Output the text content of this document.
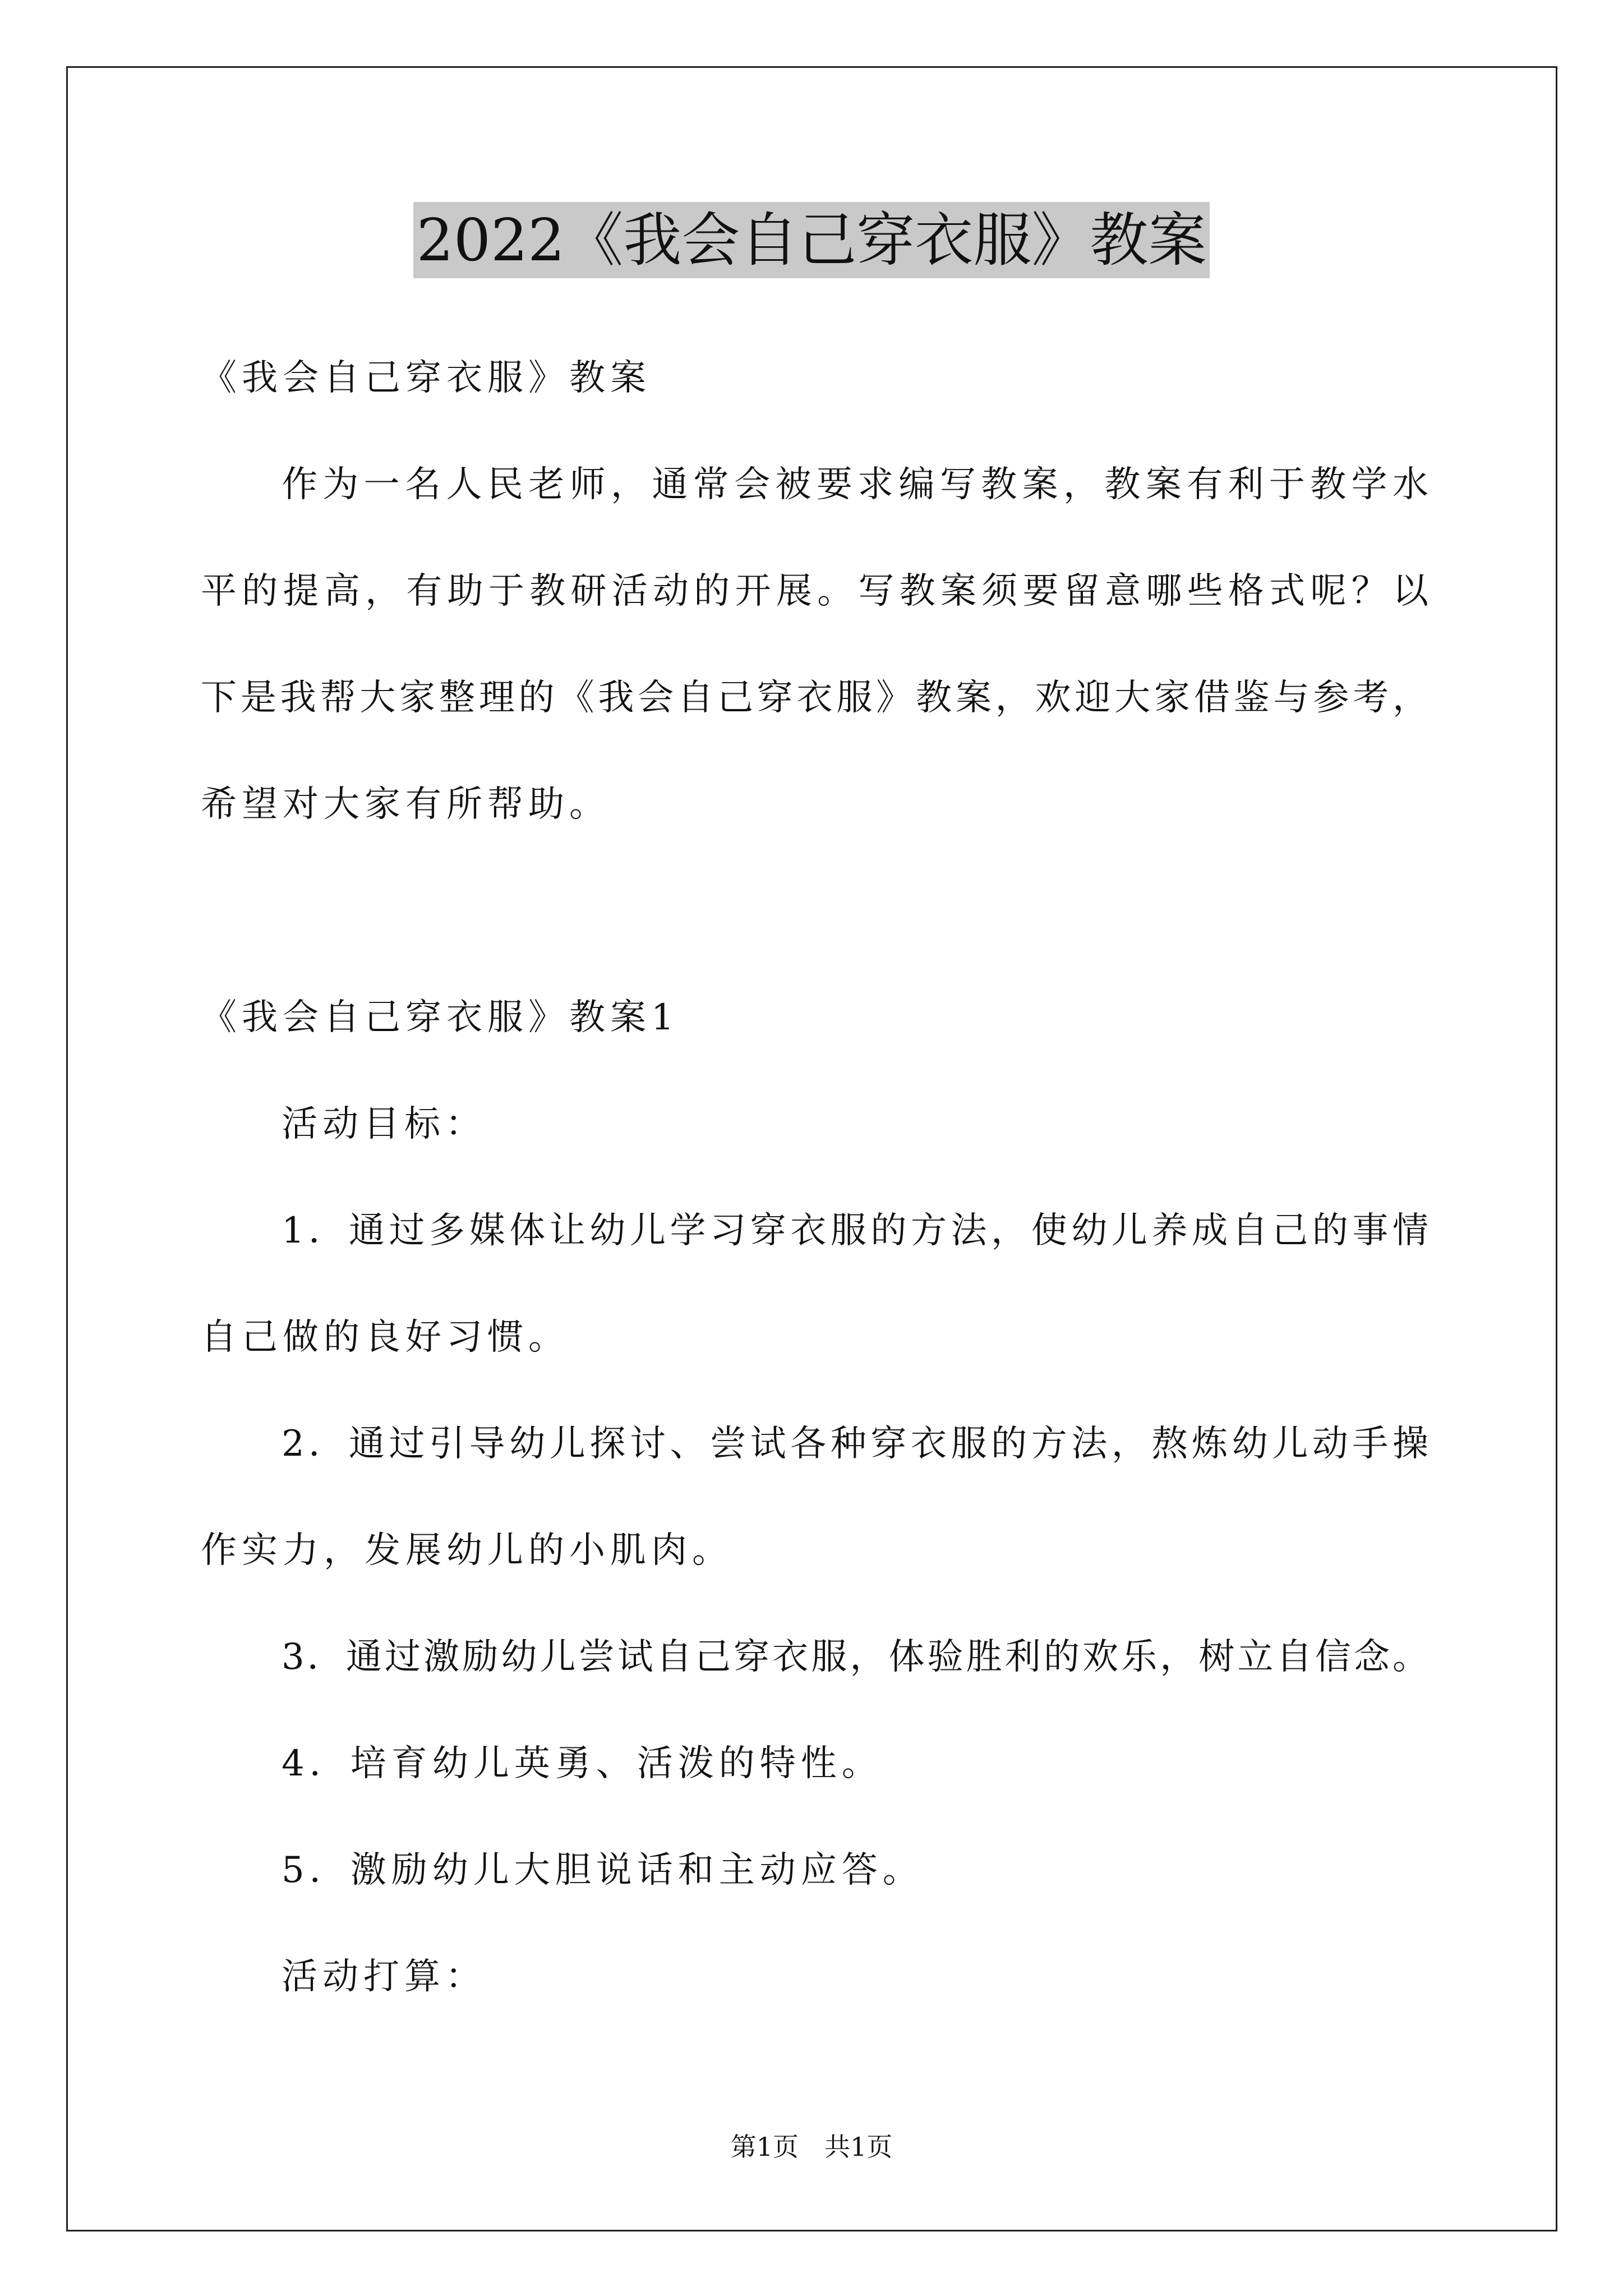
2022《我会自己穿衣服》教案
《我会自己穿衣服》教案
作为一名人民老师，通常会被要求编写教案，教案有利于教学水
平的提高，有助于教研活动的开展。写教案须要留意哪些格式呢？以
下是我帮大家整理的《我会自己穿衣服》教案，欢迎大家借鉴与参考，
希望对大家有所帮助。
《我会自己穿衣服》教案1
活动目标：
1．通过多媒体让幼儿学习穿衣服的方法，使幼儿养成自己的事情
自己做的良好习惯。
2．通过引导幼儿探讨、尝试各种穿衣服的方法，熬炼幼儿动手操
作实力，发展幼儿的小肌肉。
3．通过激励幼儿尝试自己穿衣服，体验胜利的欢乐，树立自信念。
4．培育幼儿英勇、活泼的特性。
5．激励幼儿大胆说话和主动应答。
活动打算：
第1页 共1页
